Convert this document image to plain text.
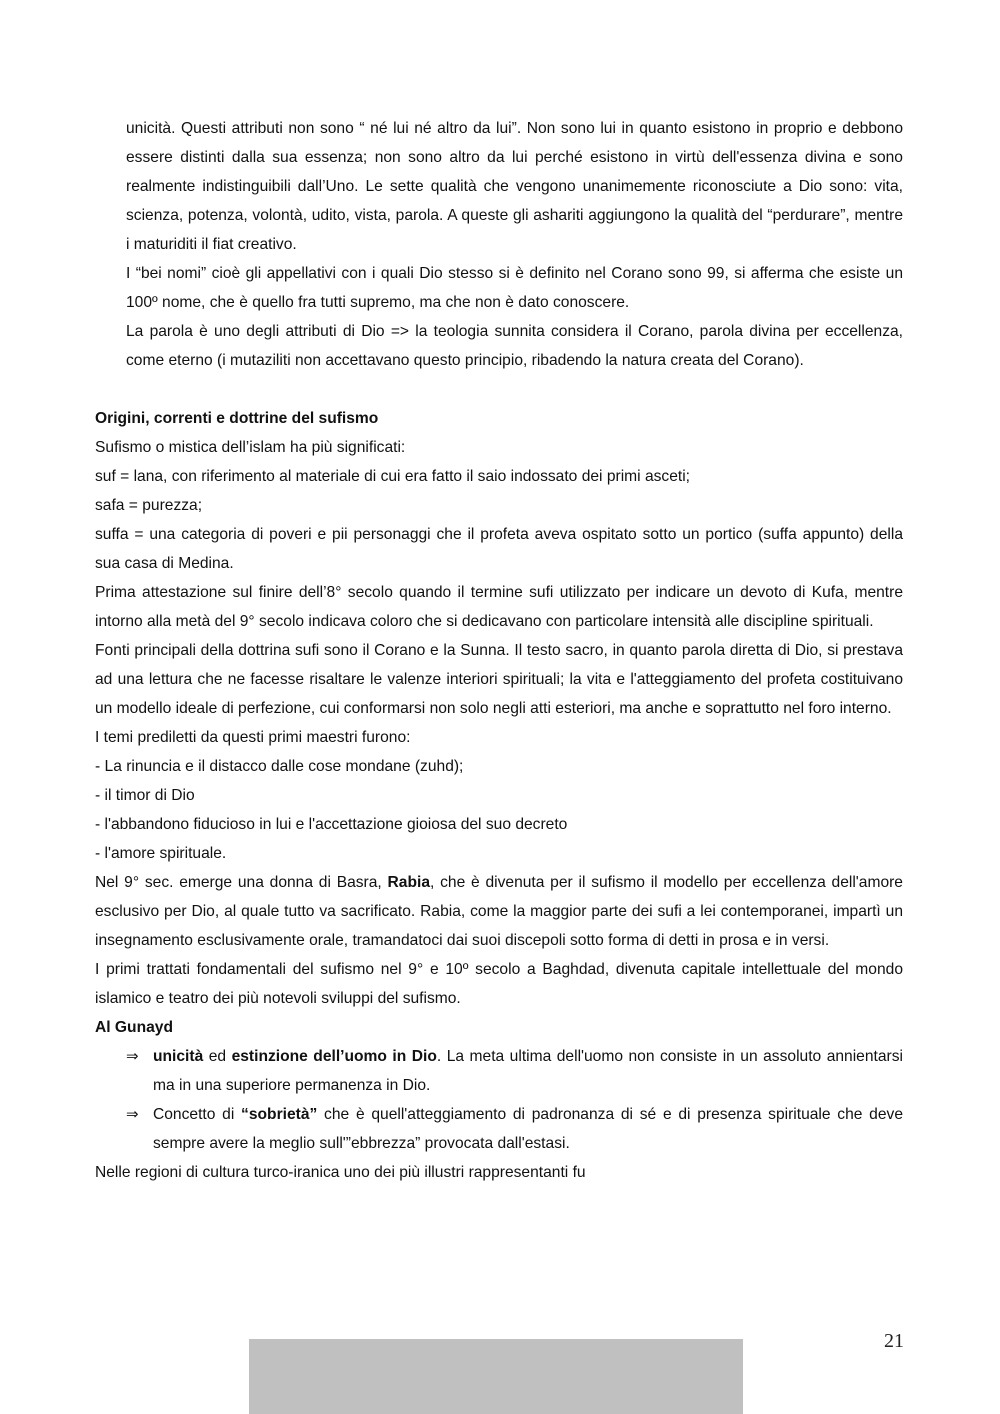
unicità. Questi attributi non sono “ né lui né altro da lui”. Non sono lui in quanto esistono in proprio e debbono essere distinti dalla sua essenza; non sono altro da lui perché esistono in virtù dell'essenza divina e sono realmente indistinguibili dall’Uno. Le sette qualità che vengono unanimemente riconosciute a Dio sono: vita, scienza, potenza, volontà, udito, vista, parola. A queste gli ashariti aggiungono la qualità del “perdurare”, mentre i maturiditi il fiat creativo.

I “bei nomi” cioè gli appellativi con i quali Dio stesso si è definito nel Corano sono 99, si afferma che esiste un 100º nome, che è quello fra tutti supremo, ma che non è dato conoscere.

La parola è uno degli attributi di Dio => la teologia sunnita considera il Corano, parola divina per eccellenza, come eterno (i mutaziliti non accettavano questo principio, ribadendo la natura creata del Corano).

Origini, correnti e dottrine del sufismo

Sufismo o mistica dell’islam ha più significati:

suf = lana, con riferimento al materiale di cui era fatto il saio indossato dei primi asceti;

safa = purezza;

suffa = una categoria di poveri e pii personaggi che il profeta aveva ospitato sotto un portico (suffa appunto) della sua casa di Medina.

Prima attestazione sul finire dell’8° secolo quando il termine sufi utilizzato per indicare un devoto di Kufa, mentre intorno alla metà del 9° secolo indicava coloro che si dedicavano con particolare intensità alle discipline spirituali.

Fonti principali della dottrina sufi sono il Corano e la Sunna. Il testo sacro, in quanto parola diretta di Dio, si prestava ad una lettura che ne facesse risaltare le valenze interiori spirituali; la vita e l'atteggiamento del profeta costituivano un modello ideale di perfezione, cui conformarsi non solo negli atti esteriori, ma anche e soprattutto nel foro interno.

I temi prediletti da questi primi maestri furono:

- La rinuncia e il distacco dalle cose mondane (zuhd);

- il timor di Dio

- l'abbandono fiducioso in lui e l'accettazione gioiosa del suo decreto

- l'amore spirituale.

Nel 9° sec. emerge una donna di Basra, Rabia, che è divenuta per il sufismo il modello per eccellenza dell'amore esclusivo per Dio, al quale tutto va sacrificato. Rabia, come la maggior parte dei sufi a lei contemporanei, impartì un insegnamento esclusivamente orale, tramandatoci dai suoi discepoli sotto forma di detti in prosa e in versi.

I primi trattati fondamentali del sufismo nel 9° e 10º secolo a Baghdad, divenuta capitale intellettuale del mondo islamico e teatro dei più notevoli sviluppi del sufismo.

Al Gunayd

⇒ unicità ed estinzione dell’uomo in Dio. La meta ultima dell'uomo non consiste in un assoluto annientarsi ma in una superiore permanenza in Dio.
⇒ Concetto di “sobrietà” che è quell'atteggiamento di padronanza di sé e di presenza spirituale che deve sempre avere la meglio sull'”ebbrezza” provocata dall'estasi.

Nelle regioni di cultura turco-iranica uno dei più illustri rappresentanti fu

21
